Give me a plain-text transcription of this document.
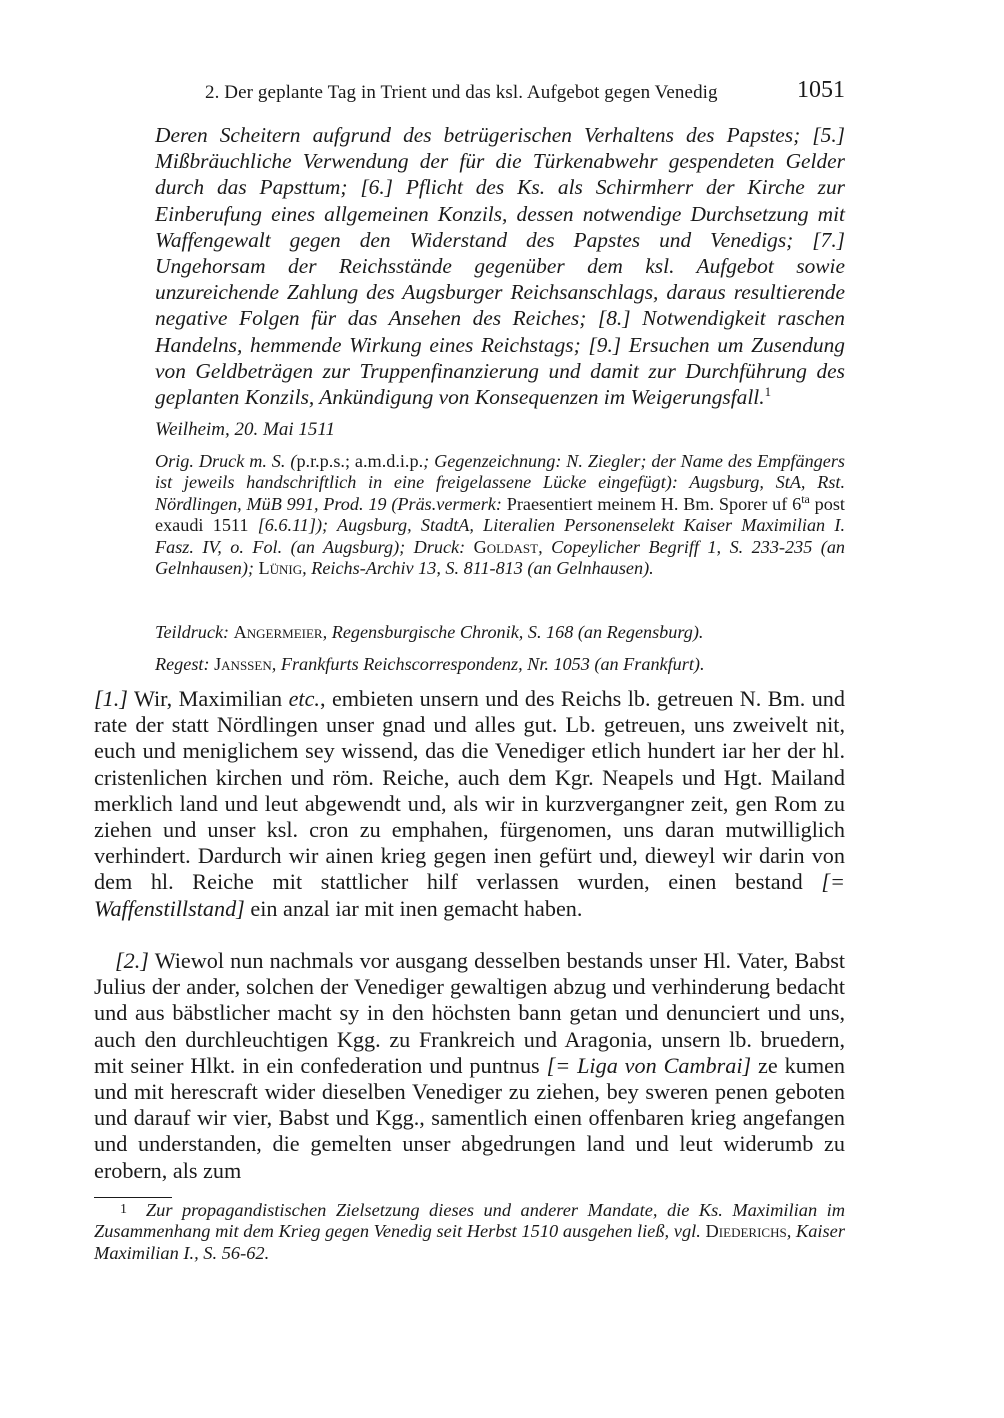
2. Der geplante Tag in Trient und das ksl. Aufgebot gegen Venedig	1051
Deren Scheitern aufgrund des betrügerischen Verhaltens des Papstes; [5.] Mißbräuchliche Verwendung der für die Türkenabwehr gespendeten Gelder durch das Papsttum; [6.] Pflicht des Ks. als Schirmherr der Kirche zur Einberufung eines allgemeinen Konzils, dessen notwendige Durchsetzung mit Waffengewalt gegen den Widerstand des Papstes und Venedigs; [7.] Ungehorsam der Reichsstände gegenüber dem ksl. Aufgebot sowie unzureichende Zahlung des Augsburger Reichsanschlags, daraus resultierende negative Folgen für das Ansehen des Reiches; [8.] Notwendigkeit raschen Handelns, hemmende Wirkung eines Reichstags; [9.] Ersuchen um Zusendung von Geldbeträgen zur Truppenfinanzierung und damit zur Durchführung des geplanten Konzils, Ankündigung von Konsequenzen im Weigerungsfall.$^1$
Weilheim, 20. Mai 1511
Orig. Druck m. S. (p.r.p.s.; a.m.d.i.p.; Gegenzeichnung: N. Ziegler; der Name des Empfängers ist jeweils handschriftlich in eine freigelassene Lücke eingefügt): Augsburg, StA, Rst. Nördlingen, MüB 991, Prod. 19 (Präs.vermerk: Praesentiert meinem H. Bm. Sporer uf $6^{ta}$ post exaudi 1511 [6.6.11]); Augsburg, StadtA, Literalien Personenselekt Kaiser Maximilian I. Fasz. IV, o. Fol. (an Augsburg); Druck: Goldast, Copeylicher Begriff 1, S. 233-235 (an Gelnhausen); Lünig, Reichs-Archiv 13, S. 811-813 (an Gelnhausen).
Teildruck: Angermeier, Regensburgische Chronik, S. 168 (an Regensburg).
Regest: Janssen, Frankfurts Reichscorrespondenz, Nr. 1053 (an Frankfurt).
[1.] Wir, Maximilian etc., embieten unsern und des Reichs lb. getreuen N. Bm. und rate der statt Nördlingen unser gnad und alles gut. Lb. getreuen, uns zweivelt nit, euch und meniglichem sey wissend, das die Venediger etlich hundert iar her der hl. cristenlichen kirchen und röm. Reiche, auch dem Kgr. Neapels und Hgt. Mailand merklich land und leut abgewendt und, als wir in kurzvergangner zeit, gen Rom zu ziehen und unser ksl. cron zu emphahen, fürgenomen, uns daran mutwilliglich verhindert. Dardurch wir ainen krieg gegen inen gefürt und, dieweyl wir darin von dem hl. Reiche mit stattlicher hilf verlassen wurden, einen bestand [= Waffenstillstand] ein anzal iar mit inen gemacht haben.
[2.] Wiewol nun nachmals vor ausgang desselben bestands unser Hl. Vater, Babst Julius der ander, solchen der Venediger gewaltigen abzug und verhinderung bedacht und aus bäbstlicher macht sy in den höchsten bann getan und denunciert und uns, auch den durchleuchtigen Kgg. zu Frankreich und Aragonia, unsern lb. bruedern, mit seiner Hlkt. in ein confederation und puntnus [= Liga von Cambrai] ze kumen und mit herescraft wider dieselben Venediger zu ziehen, bey sweren penen geboten und darauf wir vier, Babst und Kgg., samentlich einen offenbaren krieg angefangen und understanden, die gemelten unser abgedrungen land und leut widerumb zu erobern, als zum
1 Zur propagandistischen Zielsetzung dieses und anderer Mandate, die Ks. Maximilian im Zusammenhang mit dem Krieg gegen Venedig seit Herbst 1510 ausgehen ließ, vgl. Diederichs, Kaiser Maximilian I., S. 56-62.
